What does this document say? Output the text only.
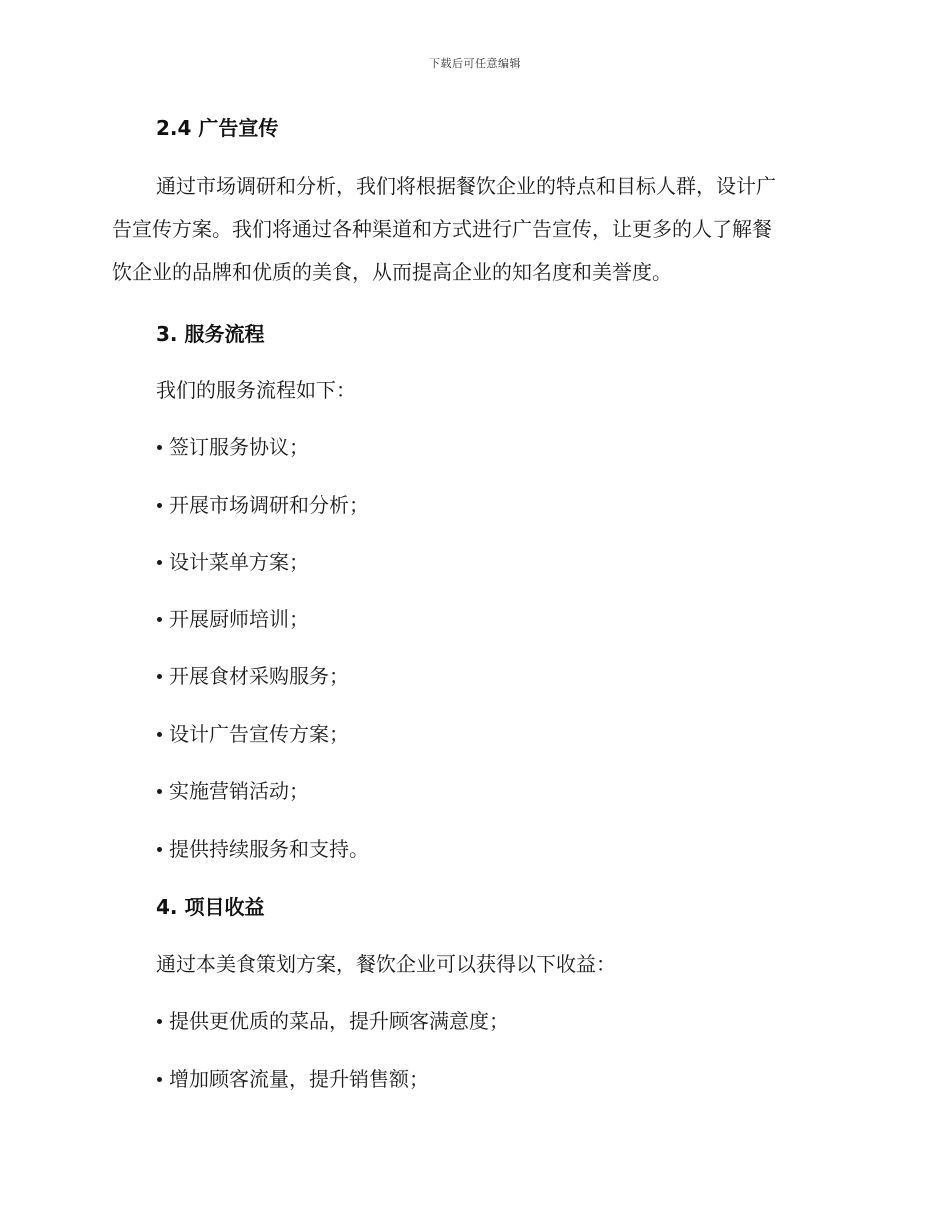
下载后可任意编辑
2.4 广告宣传
通过市场调研和分析，我们将根据餐饮企业的特点和目标人群，设计广
告宣传方案。我们将通过各种渠道和方式进行广告宣传，让更多的人了解餐
饮企业的品牌和优质的美食，从而提高企业的知名度和美誉度。
3. 服务流程
我们的服务流程如下：
签订服务协议；
开展市场调研和分析；
设计菜单方案；
开展厨师培训；
开展食材采购服务；
设计广告宣传方案；
实施营销活动；
提供持续服务和支持。
4. 项目收益
通过本美食策划方案，餐饮企业可以获得以下收益：
提供更优质的菜品，提升顾客满意度；
增加顾客流量，提升销售额；
